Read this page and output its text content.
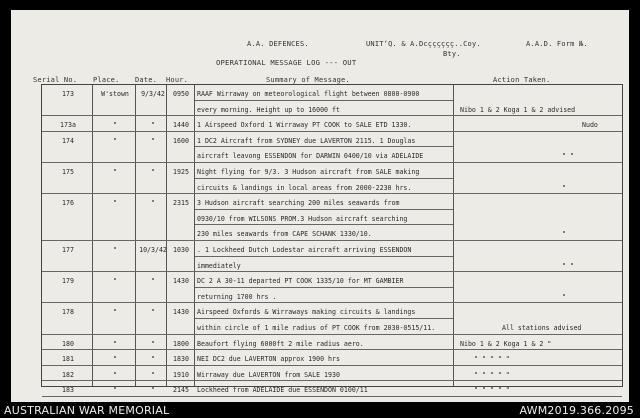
A.A. DEFENCES.	UNIT‘Q. & A.Dcçççççç..Coy.
Bty.
A.A.D. Form №.
OPERATIONAL MESSAGE LOG --- OUT
Serial No. Place. Date. Hour.	Summary of Message.	Action Taken.
173	W'stown	9/3/42	0950	RAAF Wirraway on meteorological flight between 0800-0900
every morning. Height up to 16000 ft	Nibo 1 & 2 Koga 1 & 2 advised
173a	"	"	1440	1 Airspeed Oxford 1 Wirraway PT COOK to SALE ETD 1330.	Nudo
174	"	"	1600	1 DC2 Aircraft from SYDNEY due LAVERTON 2115. 1 Douglas
aircraft leavong ESSENDON for DARWIN 0400/10 via ADELAIDE	" "
175	"	"	1925	Night flying for 9/3. 3 Hudson aircraft from SALE making
circuits & landings in local areas from 2000-2230 hrs.	"
176	"	"	2315	3 Hudson aircraft searching 200 miles seawards from
0930/10 from WILSONS PROM.3 Hudson aircraft searching
230 miles seawards from CAPE SCHANK 1330/10.	"
177	"	10/3/42 1030	. 1 Lockheed Dutch Lodestar aircraft arriving ESSENDON
immediately	" "
179	"	"	1430	DC 2 A 30-11 departed PT COOK 1335/10 for MT GAMBIER
returning 1700 hrs .	"
178	"	"	1430	Airspeed Oxfords & Wirraways making circuits & landings
within circle of 1 mile radius of PT COOK from 2030-0515/11.	All stations advised
180	"	"	1800	Beaufort flying 6000ft 2 mile radius aero.	Nibo 1 & 2 Koga 1 & 2 "
181	"	"	1830	NEI DC2 due LAVERTON approx 1900 hrs	" " " " "
182	"	"	1910	Wirraway due LAVERTON from SALE 1930	" " " " "
183	"	"	2145	Lockheed from ADELAIDE due ESSENDON 0100/11	" " " " "
AUSTRALIAN WAR MEMORIAL	AWM2019.366.2095
